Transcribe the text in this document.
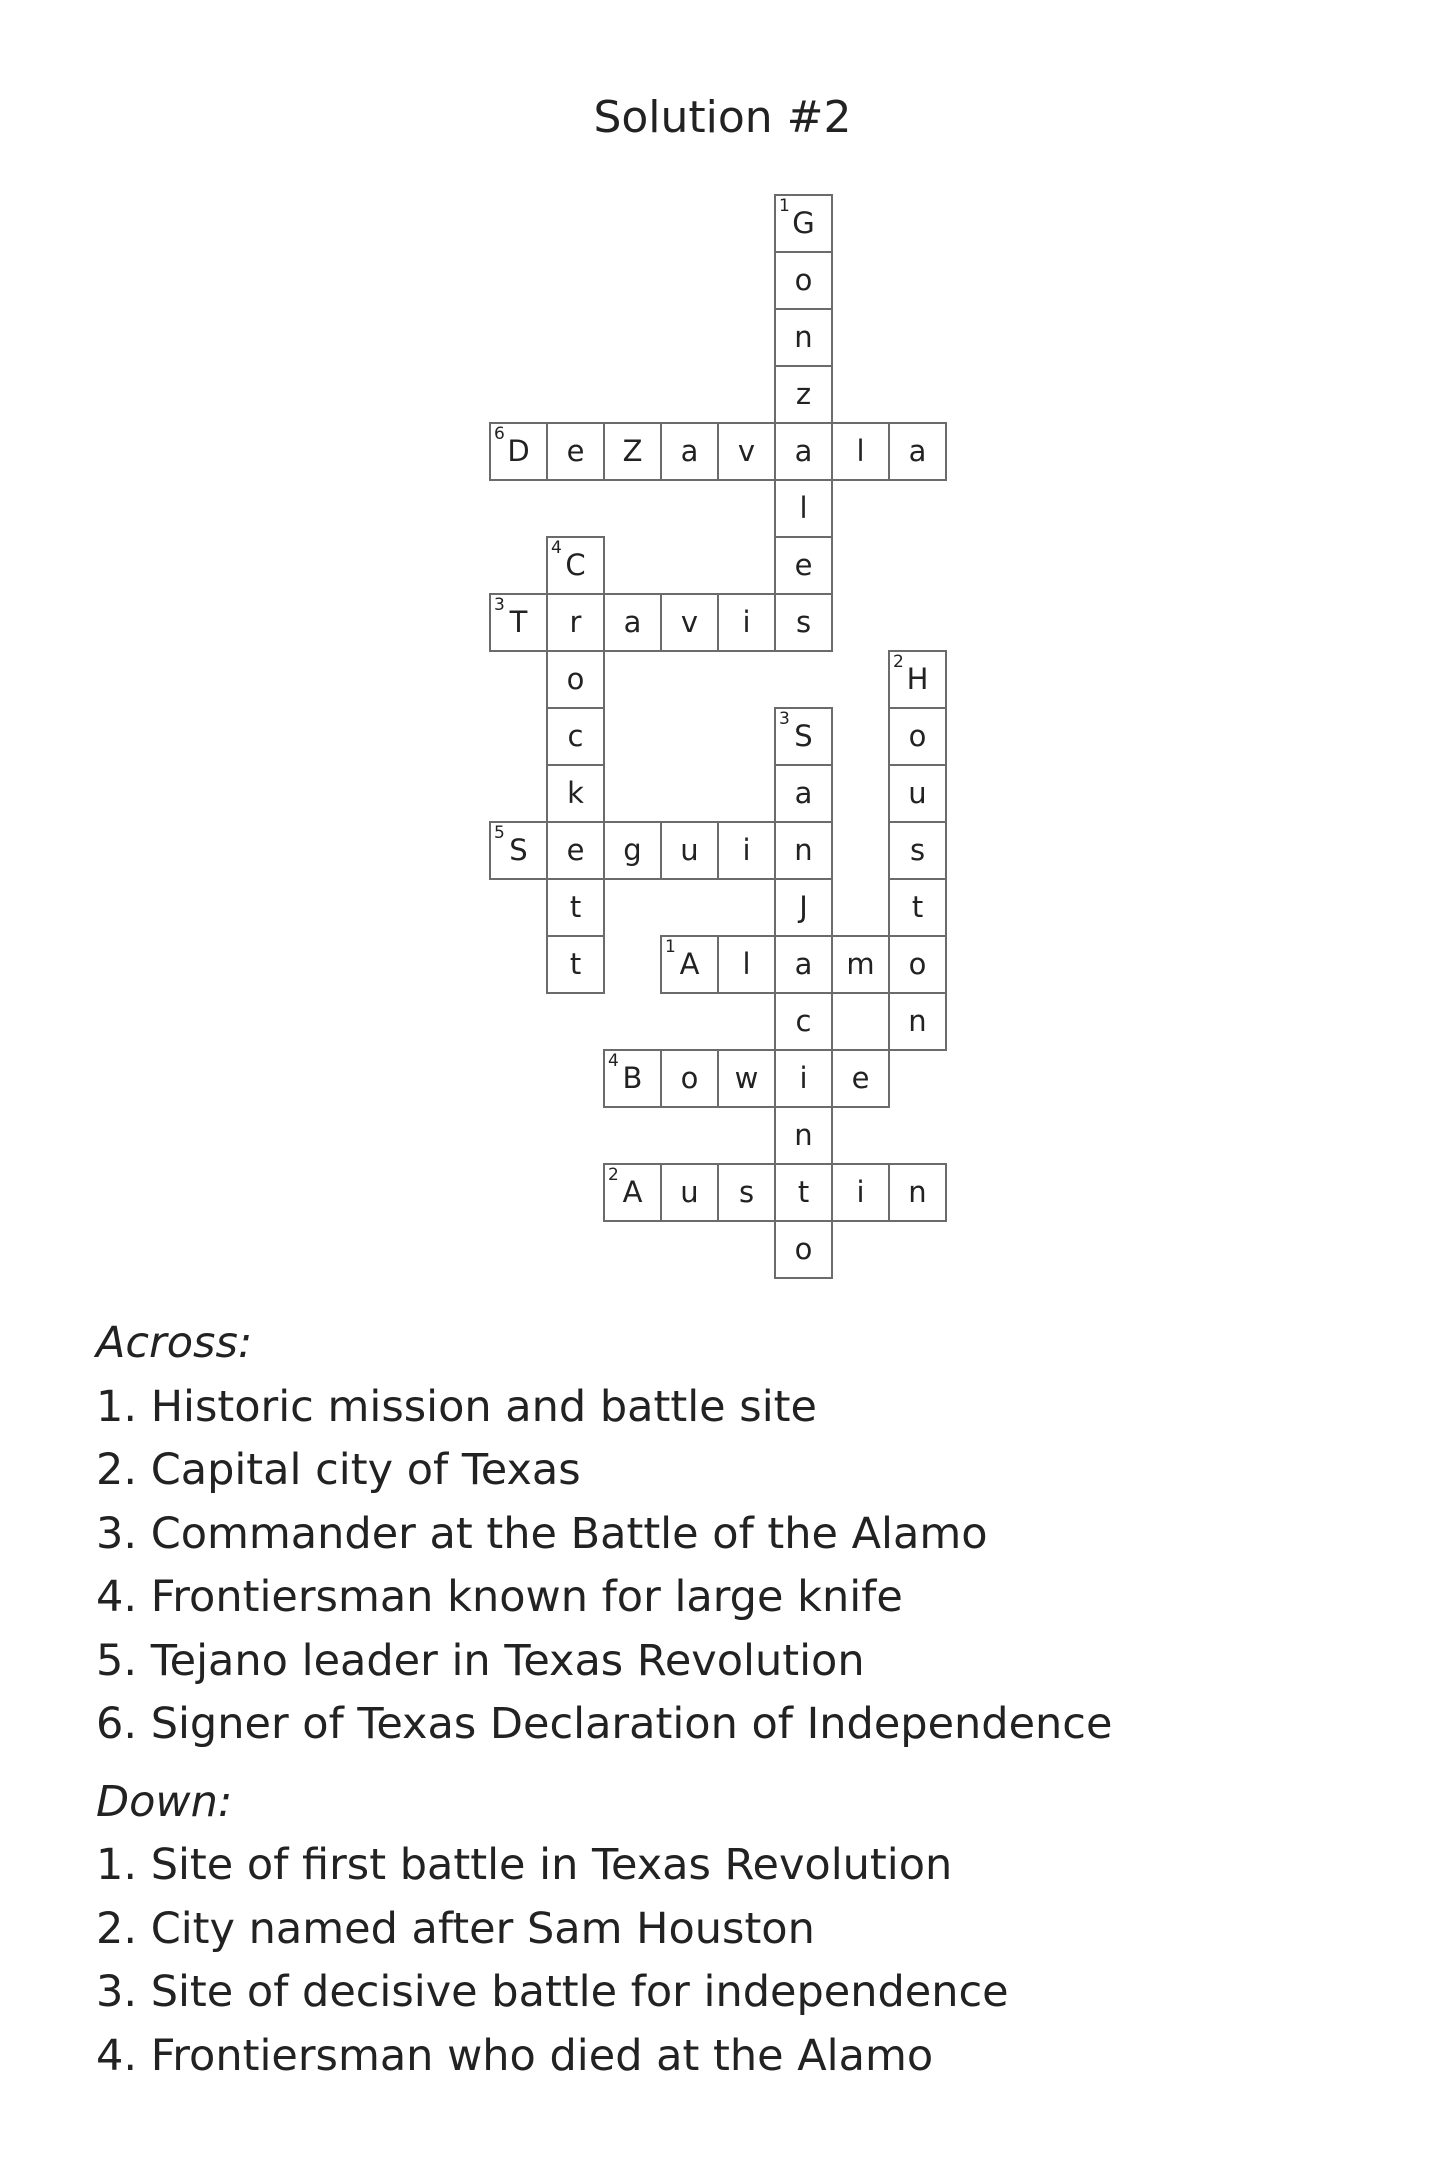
Solution #2
1 G
o
n
z
6 D	e	Z	a	v	a	l	a
l
4 C	e
3 T	r	a	v	i	s
o	2 H
c	3 S	o
k	a	u
5 S	e	g	u	i	n	s
t	J	t
t	1 A	l	a	m	o
c	n
4 B	o	w	i	e
n
2 A	u	s	t	i	n
o
Across:
1. Historic mission and battle site
2. Capital city of Texas
3. Commander at the Battle of the Alamo
4. Frontiersman known for large knife
5. Tejano leader in Texas Revolution
6. Signer of Texas Declaration of Independence
Down:
1. Site of first battle in Texas Revolution
2. City named after Sam Houston
3. Site of decisive battle for independence
4. Frontiersman who died at the Alamo
